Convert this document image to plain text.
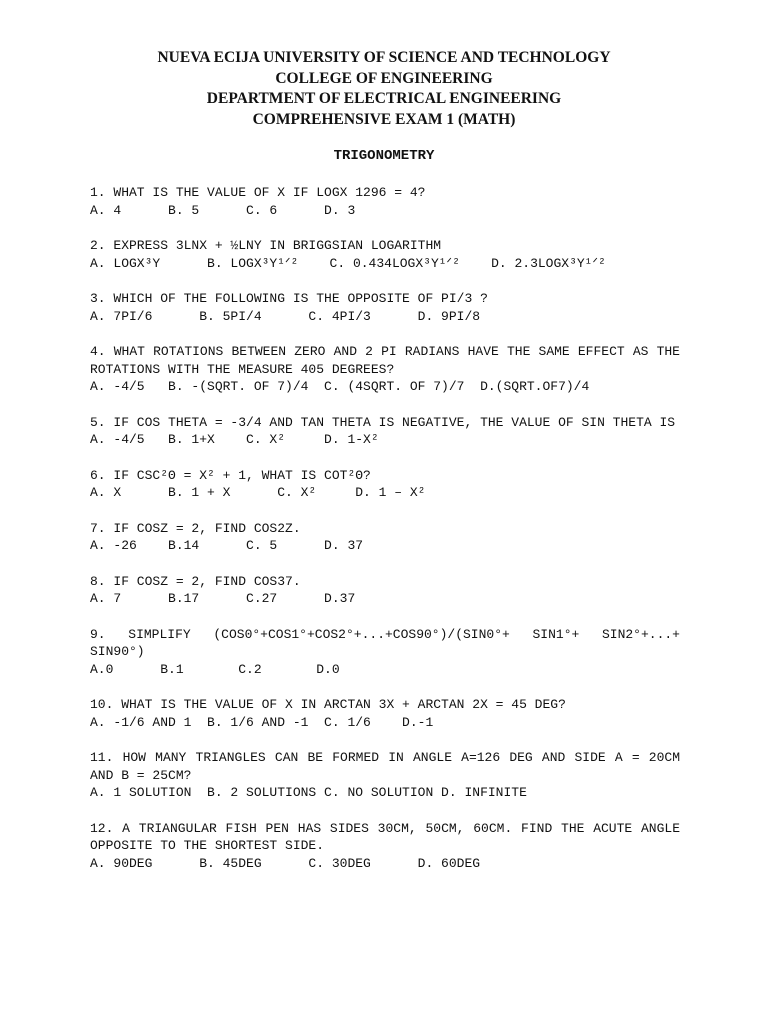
NUEVA ECIJA UNIVERSITY OF SCIENCE AND TECHNOLOGY
COLLEGE OF ENGINEERING
DEPARTMENT OF ELECTRICAL ENGINEERING
COMPREHENSIVE EXAM 1 (MATH)
TRIGONOMETRY
1. WHAT IS THE VALUE OF X IF LOGX 1296 = 4?
A. 4      B. 5      C. 6      D. 3
2. EXPRESS 3LNX + ½LNY IN BRIGGSIAN LOGARITHM
A. LOGX³Y      B. LOGX³Y¹ᐟ²    C. 0.434LOGX³Y¹ᐟ²    D. 2.3LOGX³Y¹ᐟ²
3. WHICH OF THE FOLLOWING IS THE OPPOSITE OF PI/3 ?
A. 7PI/6      B. 5PI/4      C. 4PI/3      D. 9PI/8
4. WHAT ROTATIONS BETWEEN ZERO AND 2 PI RADIANS HAVE THE SAME EFFECT AS THE ROTATIONS WITH THE MEASURE 405 DEGREES?
A. -4/5   B. -(SQRT. OF 7)/4  C. (4SQRT. OF 7)/7  D.(SQRT.OF7)/4
5. IF COS THETA = -3/4 AND TAN THETA IS NEGATIVE, THE VALUE OF SIN THETA IS
A. -4/5   B. 1+X    C. X²     D. 1-X²
6. IF CSC²Θ = X² + 1, WHAT IS COT²Θ?
A. X      B. 1 + X      C. X²     D. 1 – X²
7. IF COSZ = 2, FIND COS2Z.
A. -26    B.14      C. 5      D. 37
8. IF COSZ = 2, FIND COS37.
A. 7      B.17      C.27      D.37
9. SIMPLIFY (COS0°+COS1°+COS2°+...+COS90°)/(SIN0°+ SIN1°+ SIN2°+...+ SIN90°)
A.0      B.1       C.2       D.0
10. WHAT IS THE VALUE OF X IN ARCTAN 3X + ARCTAN 2X = 45 DEG?
A. -1/6 AND 1  B. 1/6 AND -1  C. 1/6    D.-1
11. HOW MANY TRIANGLES CAN BE FORMED IN ANGLE A=126 DEG AND SIDE A = 20CM AND B = 25CM?
A. 1 SOLUTION  B. 2 SOLUTIONS C. NO SOLUTION D. INFINITE
12. A TRIANGULAR FISH PEN HAS SIDES 30CM, 50CM, 60CM. FIND THE ACUTE ANGLE OPPOSITE TO THE SHORTEST SIDE.
A. 90DEG      B. 45DEG      C. 30DEG      D. 60DEG
